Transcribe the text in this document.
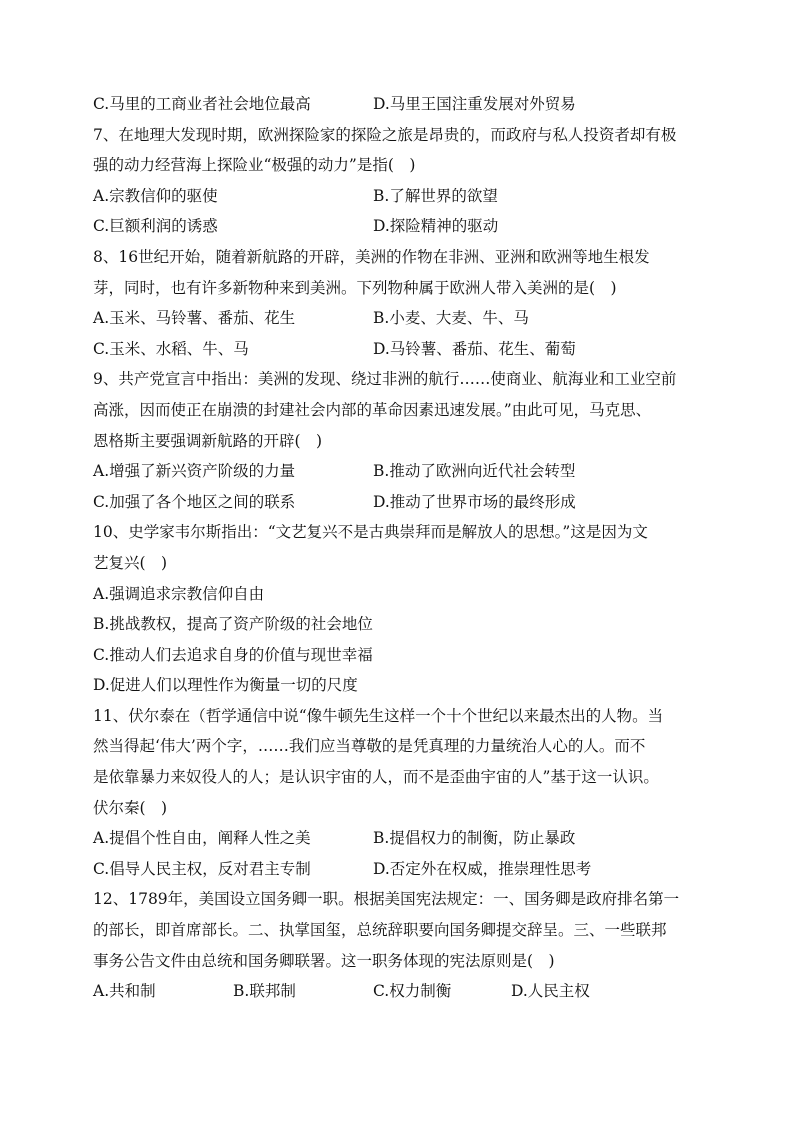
C.马里的工商业者社会地位最高	D.马里王国注重发展对外贸易
7、在地理大发现时期，欧洲探险家的探险之旅是昂贵的，而政府与私人投资者却有极
强的动力经营海上探险业“极强的动力”是指(　)
A.宗教信仰的驱使	B.了解世界的欲望
C.巨额利润的诱惑	D.探险精神的驱动
8、16世纪开始，随着新航路的开辟，美洲的作物在非洲、亚洲和欧洲等地生根发
芽，同时，也有许多新物种来到美洲。下列物种属于欧洲人带入美洲的是(　)
A.玉米、马铃薯、番茄、花生	B.小麦、大麦、牛、马
C.玉米、水稻、牛、马	D.马铃薯、番茄、花生、葡萄
9、共产党宣言中指出：美洲的发现、绕过非洲的航行……使商业、航海业和工业空前
高涨，因而使正在崩溃的封建社会内部的革命因素迅速发展。”由此可见，马克思、
恩格斯主要强调新航路的开辟(　)
A.增强了新兴资产阶级的力量	B.推动了欧洲向近代社会转型
C.加强了各个地区之间的联系	D.推动了世界市场的最终形成
10、史学家韦尔斯指出：“文艺复兴不是古典崇拜而是解放人的思想。”这是因为文
艺复兴(　)
A.强调追求宗教信仰自由
B.挑战教权，提高了资产阶级的社会地位
C.推动人们去追求自身的价值与现世幸福
D.促进人们以理性作为衡量一切的尺度
11、伏尔泰在（哲学通信中说“像牛顿先生这样一个十个世纪以来最杰出的人物。当
然当得起‘伟大’两个字，……我们应当尊敬的是凭真理的力量统治人心的人。而不
是依靠暴力来奴役人的人；是认识宇宙的人，而不是歪曲宇宙的人”基于这一认识。
伏尔秦(　)
A.提倡个性自由，阐释人性之美	B.提倡权力的制衡，防止暴政
C.倡导人民主权，反对君主专制	D.否定外在权威，推崇理性思考
12、1789年，美国设立国务卿一职。根据美国宪法规定：一、国务卿是政府排名第一
的部长，即首席部长。二、执掌国玺，总统辞职要向国务卿提交辞呈。三、一些联邦
事务公告文件由总统和国务卿联署。这一职务体现的宪法原则是(　)
A.共和制	B.联邦制	C.权力制衡	D.人民主权
